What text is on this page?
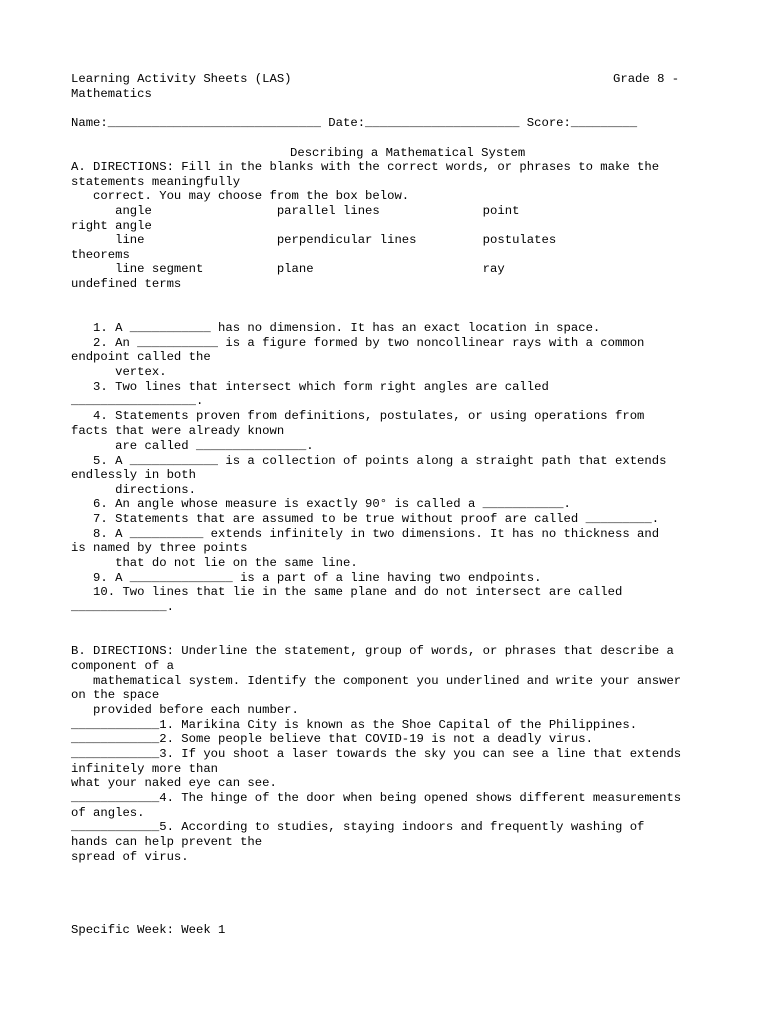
Learning Activity Sheets (LAS)	Grade 8 -

Mathematics

Name:_____________________________ Date:_____________________ Score:_________

Describing a Mathematical System

A. DIRECTIONS: Fill in the blanks with the correct words, or phrases to make the

statements meaningfully

correct. You may choose from the box below.

angle                 parallel lines              point

right angle

line                  perpendicular lines         postulates

theorems

line segment          plane                       ray

undefined terms

1. A ___________ has no dimension. It has an exact location in space.

2. An ___________ is a figure formed by two noncollinear rays with a common

endpoint called the

vertex.

3. Two lines that intersect which form right angles are called

_________________.

4. Statements proven from definitions, postulates, or using operations from

facts that were already known

are called _______________.

5. A ____________ is a collection of points along a straight path that extends

endlessly in both

directions.

6. An angle whose measure is exactly 90° is called a ___________.

7. Statements that are assumed to be true without proof are called _________.

8. A __________ extends infinitely in two dimensions. It has no thickness and

is named by three points

that do not lie on the same line.

9. A ______________ is a part of a line having two endpoints.

10. Two lines that lie in the same plane and do not intersect are called

_____________.

B. DIRECTIONS: Underline the statement, group of words, or phrases that describe a

component of a

mathematical system. Identify the component you underlined and write your answer

on the space

provided before each number.

____________1. Marikina City is known as the Shoe Capital of the Philippines.

____________2. Some people believe that COVID-19 is not a deadly virus.

____________3. If you shoot a laser towards the sky you can see a line that extends

infinitely more than

what your naked eye can see.

____________4. The hinge of the door when being opened shows different measurements

of angles.

____________5. According to studies, staying indoors and frequently washing of

hands can help prevent the

spread of virus.

Specific Week: Week 1
